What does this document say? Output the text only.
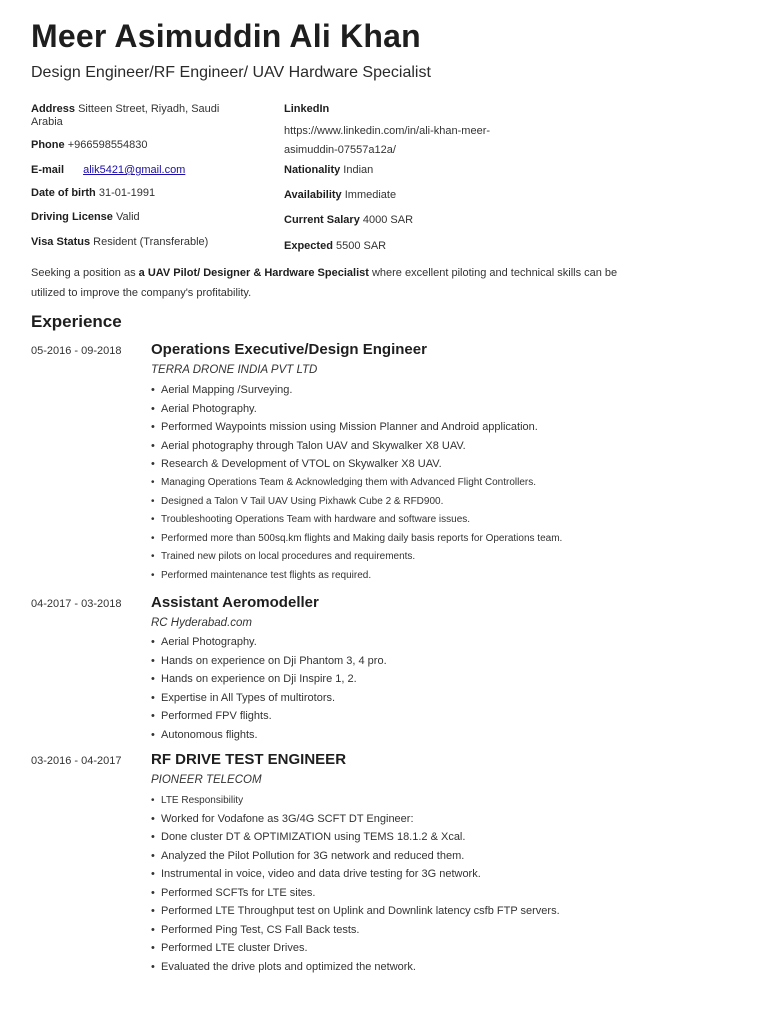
Meer Asimuddin Ali Khan
Design Engineer/RF Engineer/ UAV Hardware Specialist
Address Sitteen Street, Riyadh, Saudi
Arabia
Phone +966598554830
E-mail alik5421@gmail.com
Date of birth 31-01-1991
Driving License Valid
Visa Status Resident (Transferable)
LinkedIn
https://www.linkedin.com/in/ali-khan-meer-
asimuddin-07557a12a/
Nationality Indian
Availability Immediate
Current Salary 4000 SAR
Expected 5500 SAR
Seeking a position as a UAV Pilot/ Designer & Hardware Specialist where excellent piloting and technical skills can be
utilized to improve the company's profitability.
Experience
05-2016 - 09-2018 Operations Executive/Design Engineer
TERRA DRONE INDIA PVT LTD
• Aerial Mapping /Surveying.
• Aerial Photography.
• Performed Waypoints mission using Mission Planner and Android application.
• Aerial photography through Talon UAV and Skywalker X8 UAV.
• Research & Development of VTOL on Skywalker X8 UAV.
• Managing Operations Team & Acknowledging them with Advanced Flight Controllers.
• Designed a Talon V Tail UAV Using Pixhawk Cube 2 & RFD900.
• Troubleshooting Operations Team with hardware and software issues.
• Performed more than 500sq.km flights and Making daily basis reports for Operations team.
• Trained new pilots on local procedures and requirements.
• Performed maintenance test flights as required.
04-2017 - 03-2018 Assistant Aeromodeller
RC Hyderabad.com
• Aerial Photography.
• Hands on experience on Dji Phantom 3, 4 pro.
• Hands on experience on Dji Inspire 1, 2.
• Expertise in All Types of multirotors.
• Performed FPV flights.
• Autonomous flights.
03-2016 - 04-2017 RF DRIVE TEST ENGINEER
PIONEER TELECOM
• LTE Responsibility
• Worked for Vodafone as 3G/4G SCFT DT Engineer:
• Done cluster DT & OPTIMIZATION using TEMS 18.1.2 & Xcal.
• Analyzed the Pilot Pollution for 3G network and reduced them.
• Instrumental in voice, video and data drive testing for 3G network.
• Performed SCFTs for LTE sites.
• Performed LTE Throughput test on Uplink and Downlink latency csfb FTP servers.
• Performed Ping Test, CS Fall Back tests.
• Performed LTE cluster Drives.
• Evaluated the drive plots and optimized the network.
